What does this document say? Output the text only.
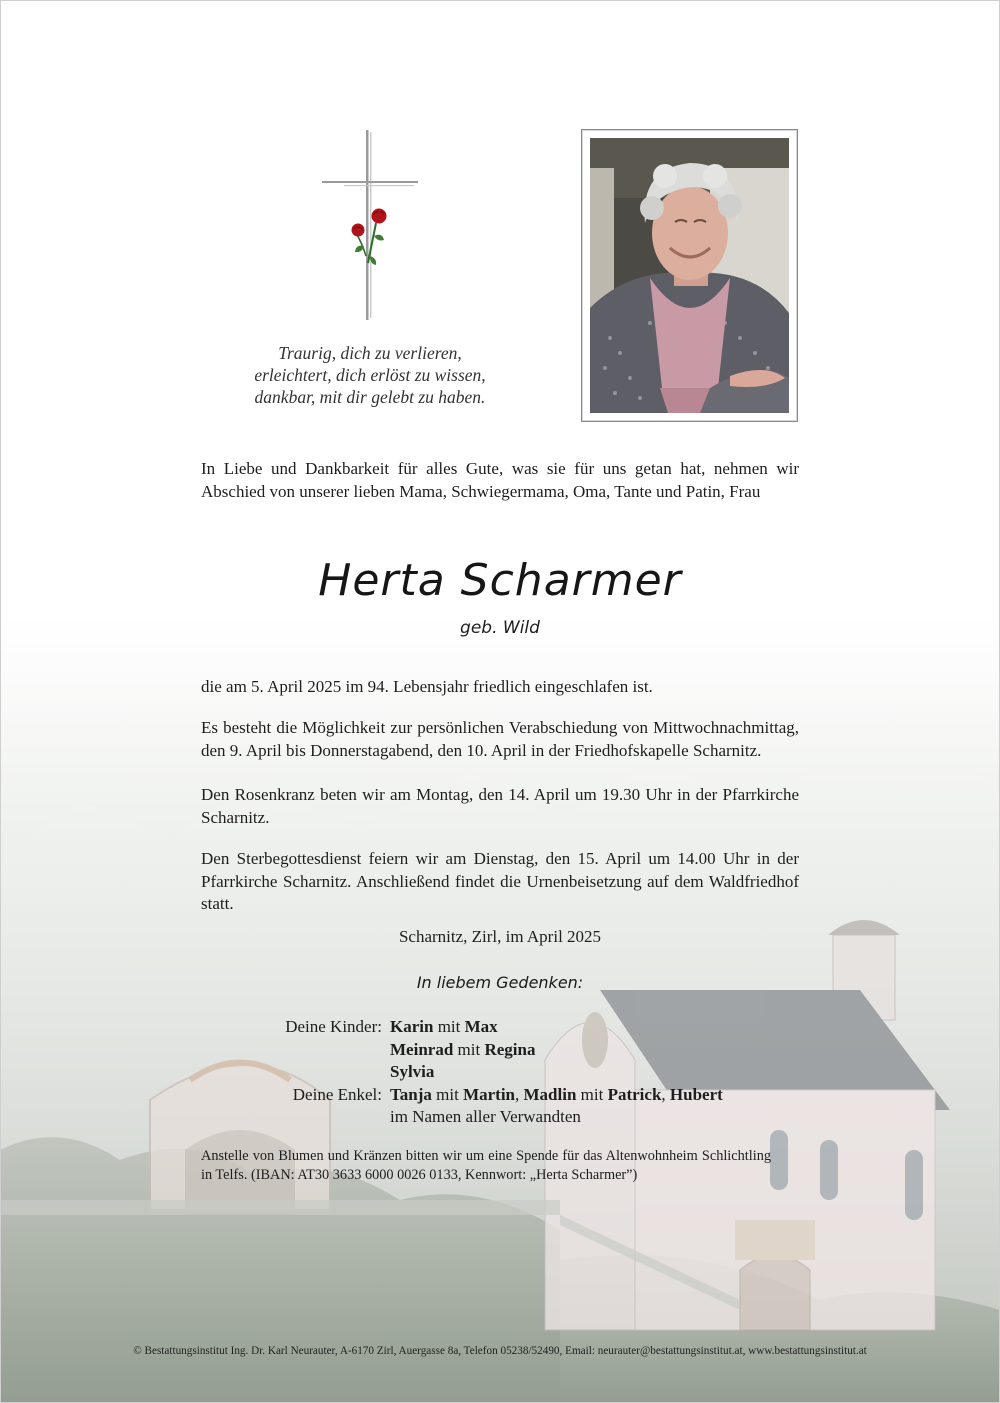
Traurig, dich zu verlieren,
erleichtert, dich erlöst zu wissen,
dankbar, mit dir gelebt zu haben.
In Liebe und Dankbarkeit für alles Gute, was sie für uns getan hat, nehmen wir Abschied von unserer lieben Mama, Schwiegermama, Oma, Tante und Patin, Frau
Herta Scharmer
geb. Wild
die am 5. April 2025 im 94. Lebensjahr friedlich eingeschlafen ist.
Es besteht die Möglichkeit zur persönlichen Verabschiedung von Mittwochnachmittag, den 9. April bis Donnerstagabend, den 10. April in der Friedhofskapelle Scharnitz.
Den Rosenkranz beten wir am Montag, den 14. April um 19.30 Uhr in der Pfarrkirche Scharnitz.
Den Sterbegottesdienst feiern wir am Dienstag, den 15. April um 14.00 Uhr in der Pfarrkirche Scharnitz. Anschließend findet die Urnenbeisetzung auf dem Waldfriedhof statt.
Scharnitz, Zirl, im April 2025
In liebem Gedenken:
Deine Kinder: Karin mit Max
Meinrad mit Regina
Sylvia
Deine Enkel: Tanja mit Martin, Madlin mit Patrick, Hubert
im Namen aller Verwandten
Anstelle von Blumen und Kränzen bitten wir um eine Spende für das Altenwohnheim Schlichtling in Telfs. (IBAN: AT30 3633 6000 0026 0133, Kennwort: „Herta Scharmer”)
© Bestattungsinstitut Ing. Dr. Karl Neurauter, A-6170 Zirl, Auergasse 8a, Telefon 05238/52490, Email: neurauter@bestattungsinstitut.at, www.bestattungsinstitut.at
